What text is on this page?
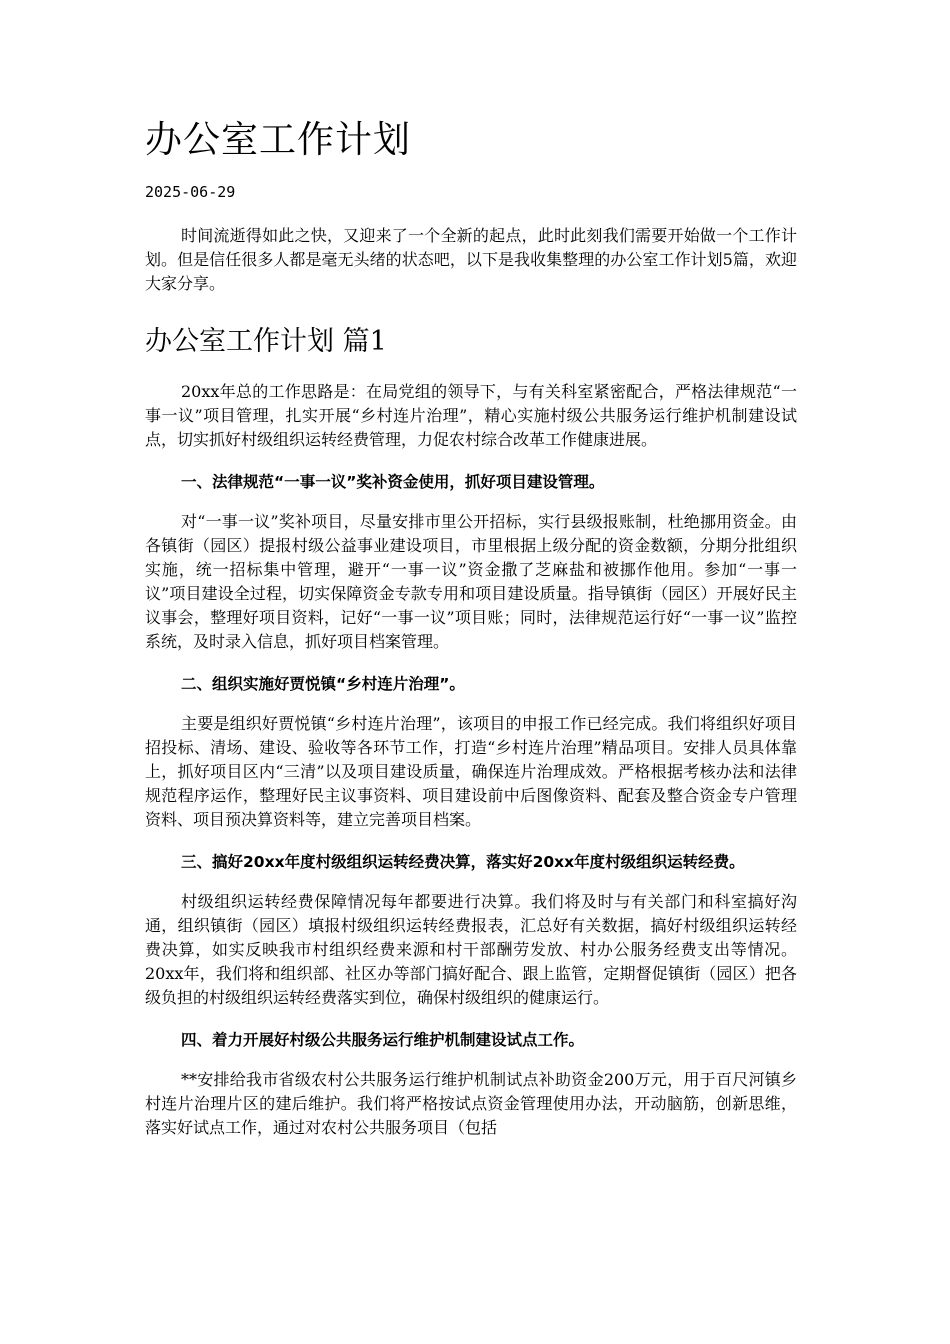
办公室工作计划
2025-06-29

时间流逝得如此之快，又迎来了一个全新的起点，此时此刻我们需要开始做一个工作计划。但是信任很多人都是毫无头绪的状态吧，以下是我收集整理的办公室工作计划5篇，欢迎大家分享。

办公室工作计划 篇1

20xx年总的工作思路是：在局党组的领导下，与有关科室紧密配合，严格法律规范“一事一议”项目管理，扎实开展“乡村连片治理”，精心实施村级公共服务运行维护机制建设试点，切实抓好村级组织运转经费管理，力促农村综合改革工作健康进展。

一、法律规范“一事一议”奖补资金使用，抓好项目建设管理。

对“一事一议”奖补项目，尽量安排市里公开招标，实行县级报账制，杜绝挪用资金。由各镇街（园区）提报村级公益事业建设项目，市里根据上级分配的资金数额，分期分批组织实施，统一招标集中管理，避开“一事一议”资金撒了芝麻盐和被挪作他用。参加“一事一议”项目建设全过程，切实保障资金专款专用和项目建设质量。指导镇街（园区）开展好民主议事会，整理好项目资料，记好“一事一议”项目账；同时，法律规范运行好“一事一议”监控系统，及时录入信息，抓好项目档案管理。

二、组织实施好贾悦镇“乡村连片治理”。

主要是组织好贾悦镇“乡村连片治理”，该项目的申报工作已经完成。我们将组织好项目招投标、清场、建设、验收等各环节工作，打造“乡村连片治理”精品项目。安排人员具体靠上，抓好项目区内“三清”以及项目建设质量，确保连片治理成效。严格根据考核办法和法律规范程序运作，整理好民主议事资料、项目建设前中后图像资料、配套及整合资金专户管理资料、项目预决算资料等，建立完善项目档案。

三、搞好20xx年度村级组织运转经费决算，落实好20xx年度村级组织运转经费。

村级组织运转经费保障情况每年都要进行决算。我们将及时与有关部门和科室搞好沟通，组织镇街（园区）填报村级组织运转经费报表，汇总好有关数据，搞好村级组织运转经费决算，如实反映我市村组织经费来源和村干部酬劳发放、村办公服务经费支出等情况。20xx年，我们将和组织部、社区办等部门搞好配合、跟上监管，定期督促镇街（园区）把各级负担的村级组织运转经费落实到位，确保村级组织的健康运行。

四、着力开展好村级公共服务运行维护机制建设试点工作。

**安排给我市省级农村公共服务运行维护机制试点补助资金200万元，用于百尺河镇乡村连片治理片区的建后维护。我们将严格按试点资金管理使用办法，开动脑筋，创新思维，落实好试点工作，通过对农村公共服务项目（包括
